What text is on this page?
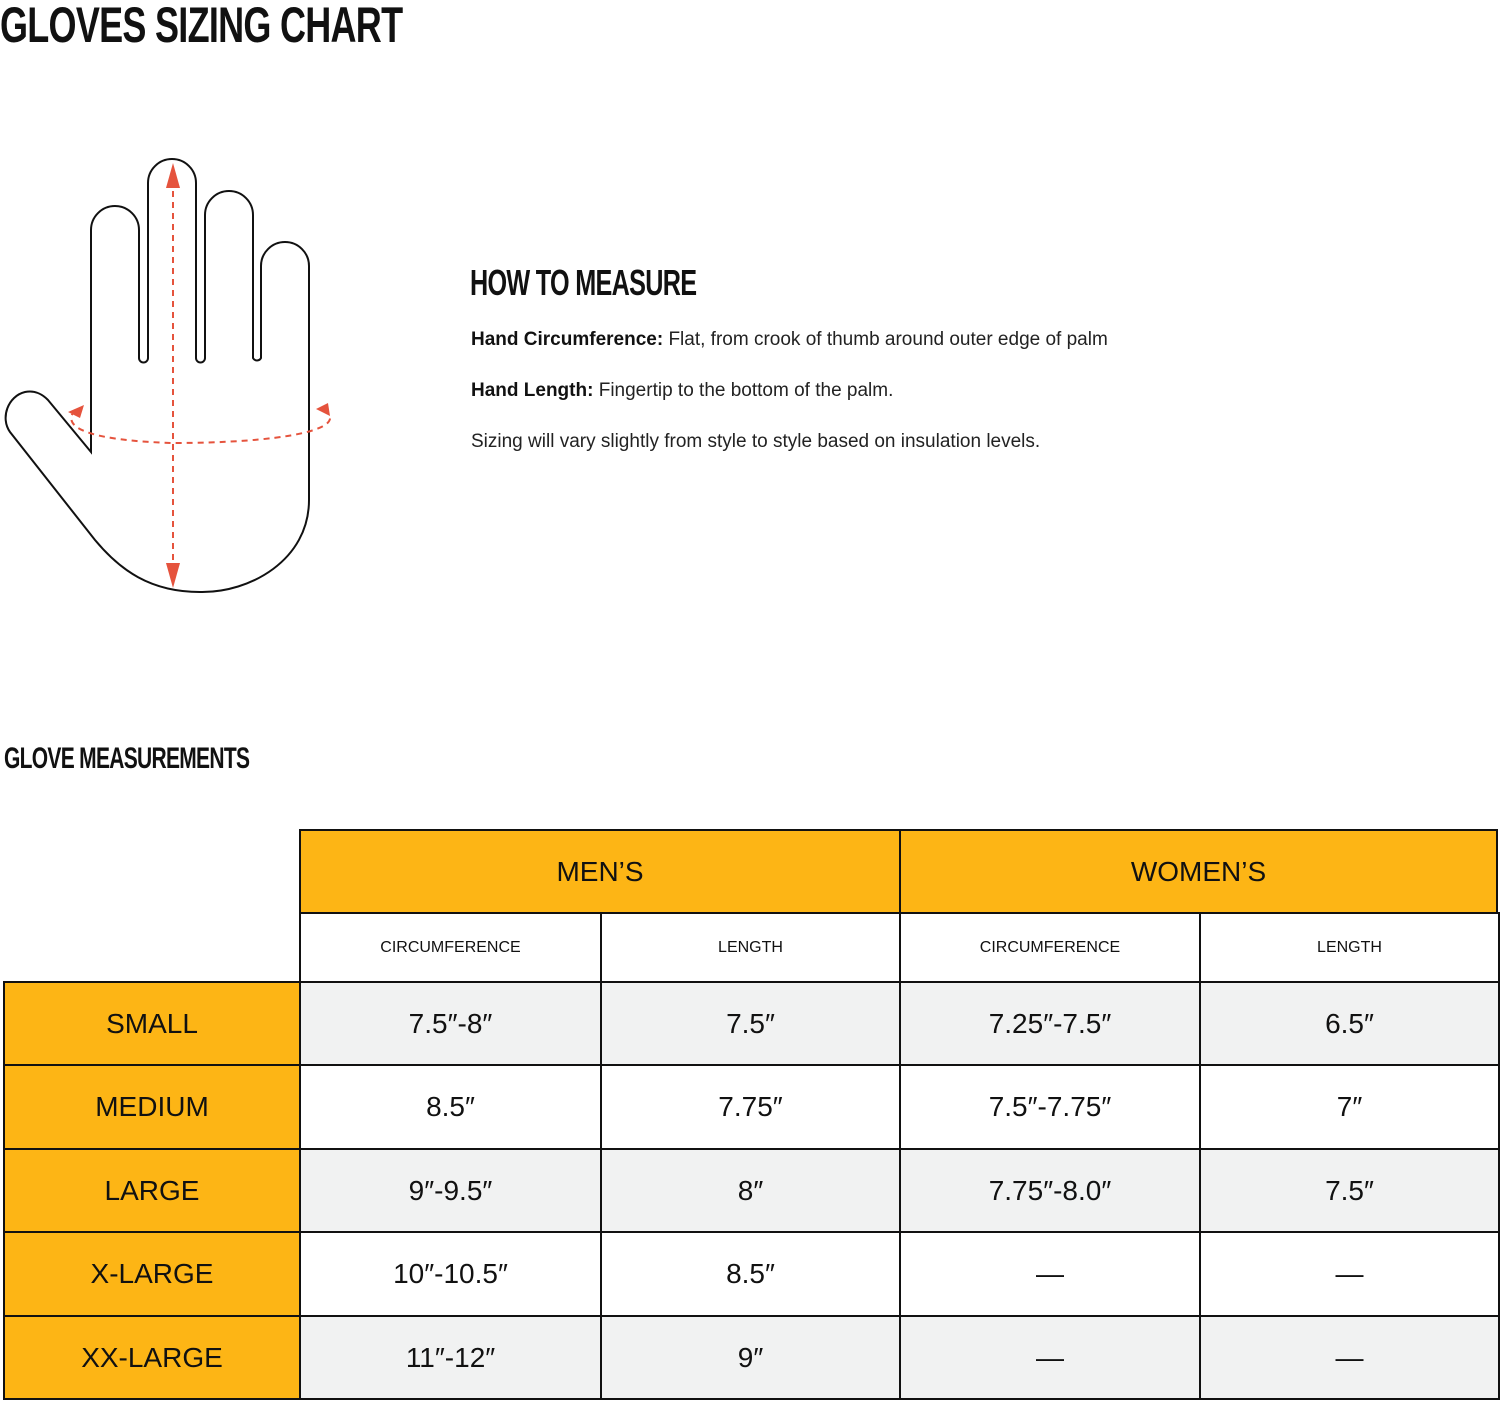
GLOVES SIZING CHART
HOW TO MEASURE
Hand Circumference: Flat, from crook of thumb around outer edge of palm
Hand Length: Fingertip to the bottom of the palm.
Sizing will vary slightly from style to style based on insulation levels.
GLOVE MEASUREMENTS
MEN’S	WOMEN’S
CIRCUMFERENCE	LENGTH	CIRCUMFERENCE	LENGTH
SMALL	7.5″-8″	7.5″	7.25″-7.5″	6.5″
MEDIUM	8.5″	7.75″	7.5″-7.75″	7″
LARGE	9″-9.5″	8″	7.75″-8.0″	7.5″
X-LARGE	10″-10.5″	8.5″	—	—
XX-LARGE	11″-12″	9″	—	—
